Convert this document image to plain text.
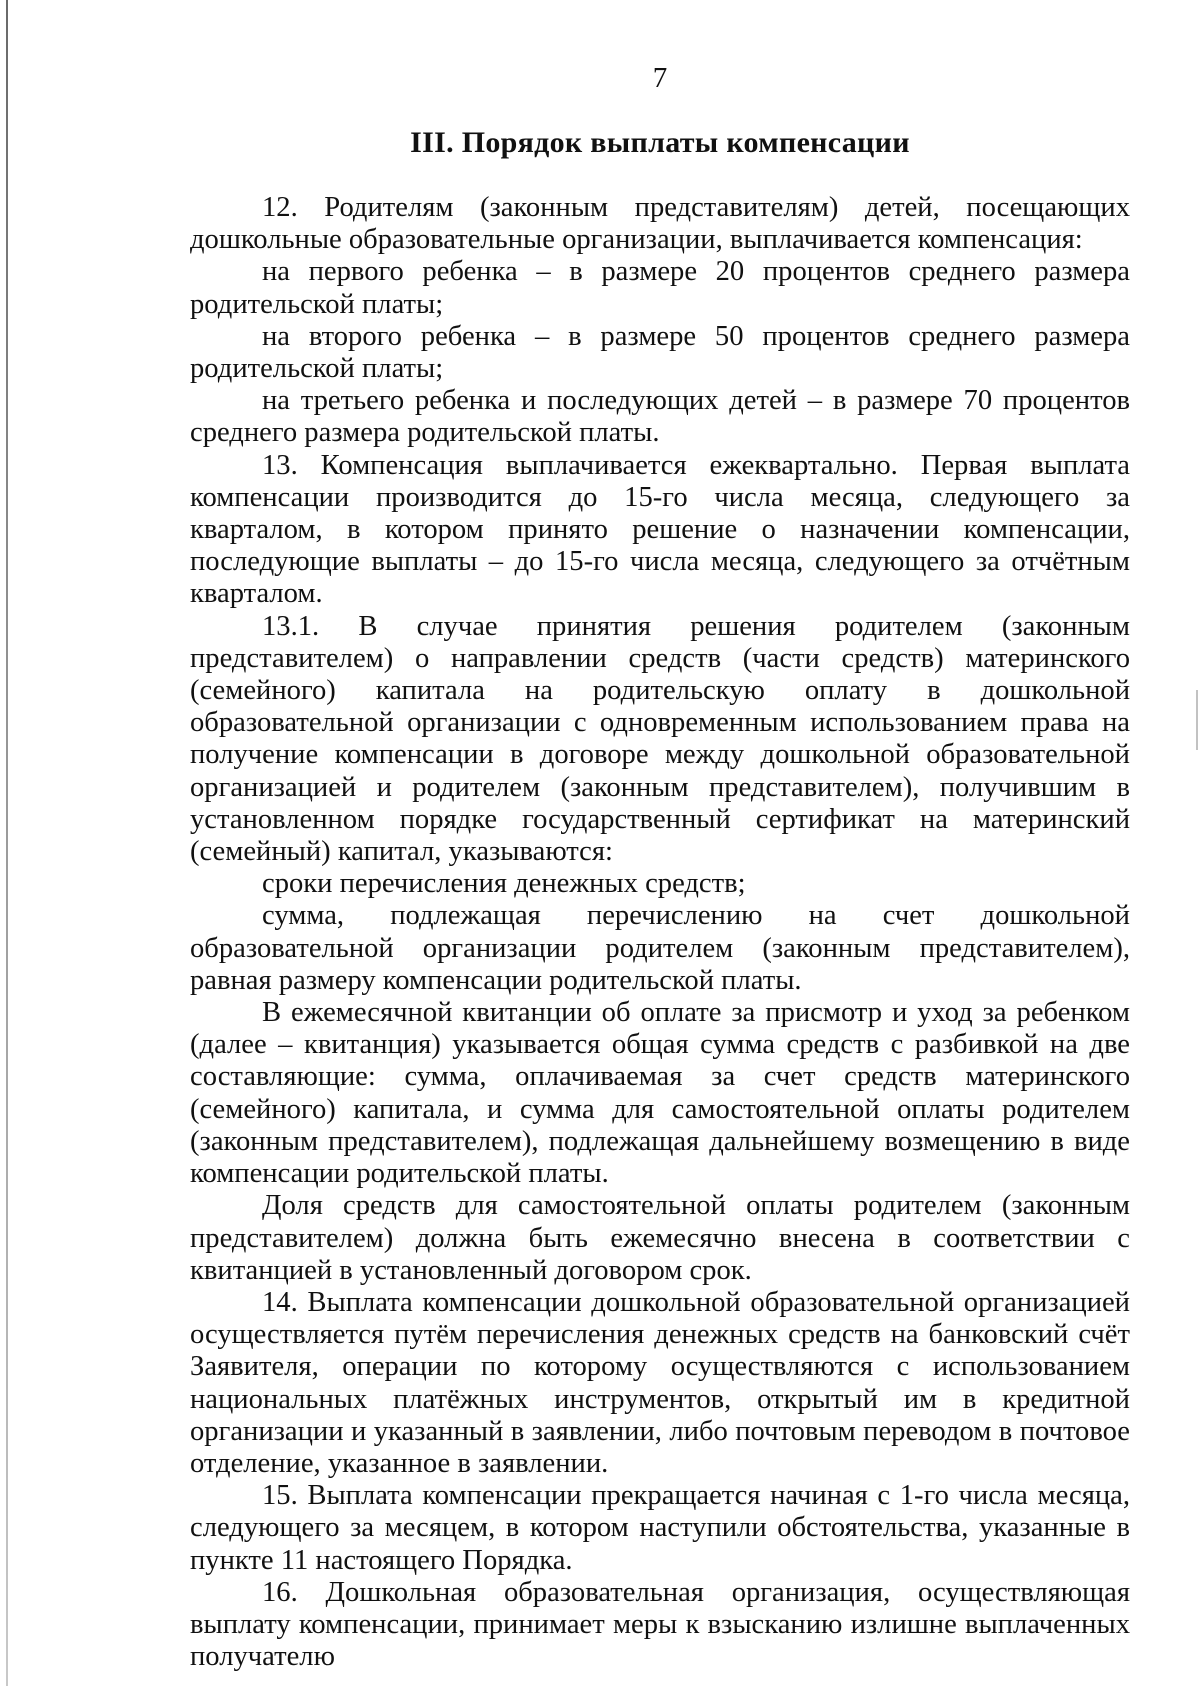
7
III. Порядок выплаты компенсации

12. Родителям (законным представителям) детей, посещающих дошкольные образовательные организации, выплачивается компенсация:

на первого ребенка – в размере 20 процентов среднего размера родительской платы;

на второго ребенка – в размере 50 процентов среднего размера родительской платы;

на третьего ребенка и последующих детей – в размере 70 процентов среднего размера родительской платы.

13. Компенсация выплачивается ежеквартально. Первая выплата компенсации производится до 15-го числа месяца, следующего за кварталом, в котором принято решение о назначении компенсации, последующие выплаты – до 15-го числа месяца, следующего за отчётным кварталом.

13.1. В случае принятия решения родителем (законным представителем) о направлении средств (части средств) материнского (семейного) капитала на родительскую оплату в дошкольной образовательной организации с одновременным использованием права на получение компенсации в договоре между дошкольной образовательной организацией и родителем (законным представителем), получившим в установленном порядке государственный сертификат на материнский (семейный) капитал, указываются:

сроки перечисления денежных средств;

сумма, подлежащая перечислению на счет дошкольной образовательной организации родителем (законным представителем), равная размеру компенсации родительской платы.

В ежемесячной квитанции об оплате за присмотр и уход за ребенком (далее – квитанция) указывается общая сумма средств с разбивкой на две составляющие: сумма, оплачиваемая за счет средств материнского (семейного) капитала, и сумма для самостоятельной оплаты родителем (законным представителем), подлежащая дальнейшему возмещению в виде компенсации родительской платы.

Доля средств для самостоятельной оплаты родителем (законным представителем) должна быть ежемесячно внесена в соответствии с квитанцией в установленный договором срок.

14. Выплата компенсации дошкольной образовательной организацией осуществляется путём перечисления денежных средств на банковский счёт Заявителя, операции по которому осуществляются с использованием национальных платёжных инструментов, открытый им в кредитной организации и указанный в заявлении, либо почтовым переводом в почтовое отделение, указанное в заявлении.

15. Выплата компенсации прекращается начиная с 1-го числа месяца, следующего за месяцем, в котором наступили обстоятельства, указанные в пункте 11 настоящего Порядка.

16. Дошкольная образовательная организация, осуществляющая выплату компенсации, принимает меры к взысканию излишне выплаченных получателю
